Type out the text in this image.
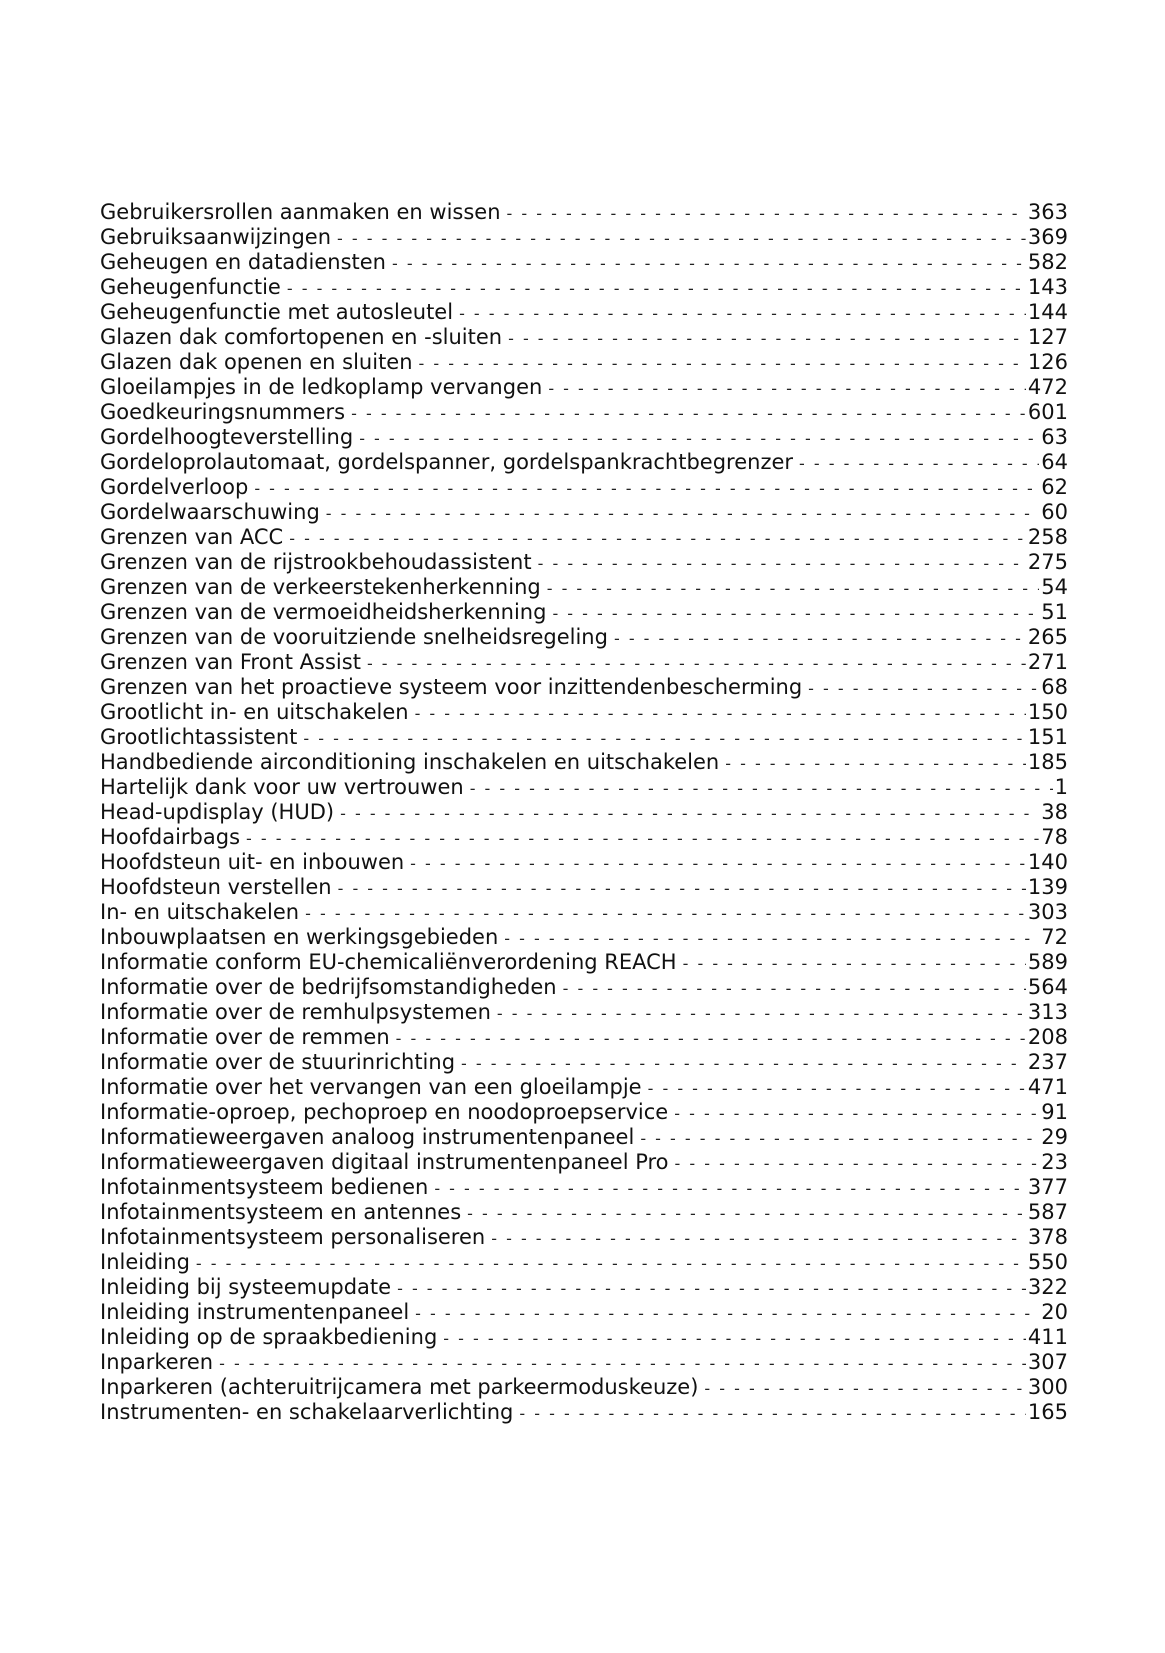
Gebruikersrollen aanmaken en wissen - - -	363
Gebruiksaanwijzingen - - -	369
Geheugen en datadiensten - - -	582
Geheugenfunctie - - -	143
Geheugenfunctie met autosleutel - - -	144
Glazen dak comfortopenen en -sluiten - - -	127
Glazen dak openen en sluiten - - -	126
Gloeilampjes in de ledkoplamp vervangen - - -	472
Goedkeuringsnummers - - -	601
Gordelhoogteverstelling - - -	63
Gordeloprolautomaat, gordelspanner, gordelspankrachtbegrenzer - - -	64
Gordelverloop - - -	62
Gordelwaarschuwing - - -	60
Grenzen van ACC - - -	258
Grenzen van de rijstrookbehoudassistent - - -	275
Grenzen van de verkeerstekenherkenning - - -	54
Grenzen van de vermoeidheidsherkenning - - -	51
Grenzen van de vooruitziende snelheidsregeling - - -	265
Grenzen van Front Assist - - -	271
Grenzen van het proactieve systeem voor inzittendenbescherming - - -	68
Grootlicht in- en uitschakelen - - -	150
Grootlichtassistent - - -	151
Handbediende airconditioning inschakelen en uitschakelen - - -	185
Hartelijk dank voor uw vertrouwen - - -	1
Head-updisplay (HUD) - - -	38
Hoofdairbags - - -	78
Hoofdsteun uit- en inbouwen - - -	140
Hoofdsteun verstellen - - -	139
In- en uitschakelen - - -	303
Inbouwplaatsen en werkingsgebieden - - -	72
Informatie conform EU-chemicaliënverordening REACH - - -	589
Informatie over de bedrijfsomstandigheden - - -	564
Informatie over de remhulpsystemen - - -	313
Informatie over de remmen - - -	208
Informatie over de stuurinrichting - - -	237
Informatie over het vervangen van een gloeilampje - - -	471
Informatie-oproep, pechoproep en noodoproepservice - - -	91
Informatieweergaven analoog instrumentenpaneel - - -	29
Informatieweergaven digitaal instrumentenpaneel Pro - - -	23
Infotainmentsysteem bedienen - - -	377
Infotainmentsysteem en antennes - - -	587
Infotainmentsysteem personaliseren - - -	378
Inleiding - - -	550
Inleiding bij systeemupdate - - -	322
Inleiding instrumentenpaneel - - -	20
Inleiding op de spraakbediening - - -	411
Inparkeren - - -	307
Inparkeren (achteruitrijcamera met parkeermoduskeuze) - - -	300
Instrumenten- en schakelaarverlichting - - -	165
